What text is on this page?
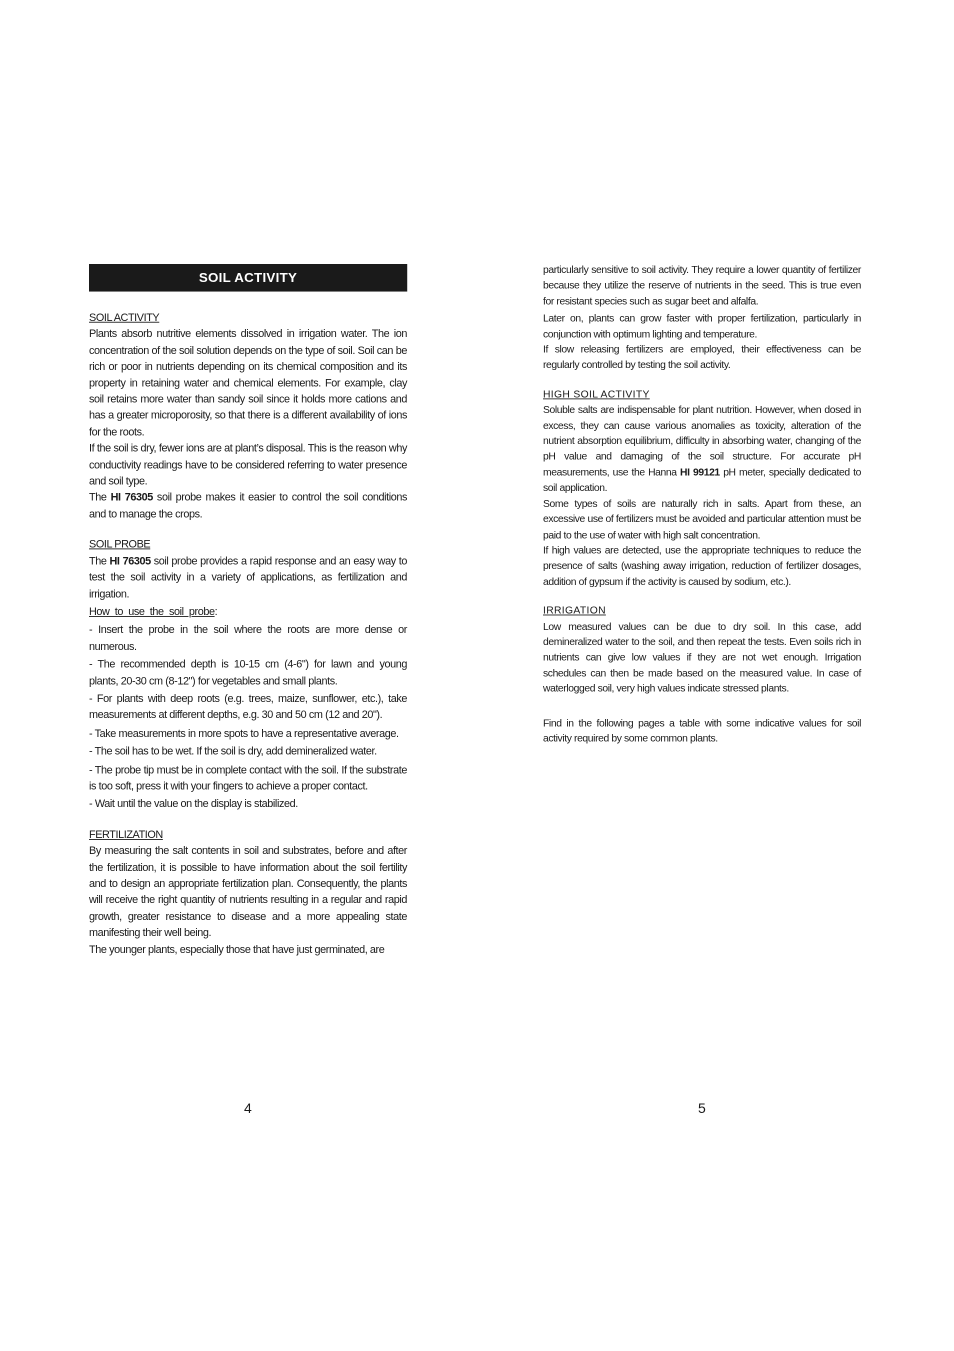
SOIL ACTIVITY
SOIL ACTIVITY

Plants absorb nutritive elements dissolved in irrigation water. The ion concentration of the soil solution depends on the type of soil. Soil can be rich or poor in nutrients depending on its chemical composition and its property in retaining water and chemical elements. For example, clay soil retains more water than sandy soil since it holds more cations and has a greater microporosity, so that there is a different availability of ions for the roots.

If the soil is dry, fewer ions are at plant’s disposal. This is the reason why conductivity readings have to be considered referring to water presence and soil type.

The HI 76305 soil probe makes it easier to control the soil conditions and to manage the crops.

SOIL PROBE

The HI 76305 soil probe provides a rapid response and an easy way to test the soil activity in a variety of applications, as fertilization and irrigation.

How to use the soil probe:

- Insert the probe in the soil where the roots are more dense or numerous.

- The recommended depth is 10-15 cm (4-6") for lawn and young plants, 20-30 cm (8-12") for vegetables and small plants.

- For plants with deep roots (e.g. trees, maize, sunflower, etc.), take measurements at different depths, e.g. 30 and 50 cm (12 and 20").

- Take measurements in more spots to have a representative average.

- The soil has to be wet. If the soil is dry, add demineralized water.

- The probe tip must be in complete contact with the soil. If the substrate is too soft, press it with your fingers to achieve a proper contact.

- Wait until the value on the display is stabilized.

FERTILIZATION

By measuring the salt contents in soil and substrates, before and after the fertilization, it is possible to have information about the soil fertility and to design an appropriate fertilization plan. Consequently, the plants will receive the right quantity of nutrients resulting in a regular and rapid growth, greater resistance to disease and a more appealing state manifesting their well being.

The younger plants, especially those that have just germinated, are

particularly sensitive to soil activity. They require a lower quantity of fertilizer because they utilize the reserve of nutrients in the seed. This is true even for resistant species such as sugar beet and alfalfa.

Later on, plants can grow faster with proper fertilization, particularly in conjunction with optimum lighting and temperature.

If slow releasing fertilizers are employed, their effectiveness can be regularly controlled by testing the soil activity.

HIGH SOIL ACTIVITY

Soluble salts are indispensable for plant nutrition. However, when dosed in excess, they can cause various anomalies as toxicity, alteration of the nutrient absorption equilibrium, difficulty in absorbing water, changing of the pH value and damaging of the soil structure. For accurate pH measurements, use the Hanna HI 99121 pH meter, specially dedicated to soil application.

Some types of soils are naturally rich in salts. Apart from these, an excessive use of fertilizers must be avoided and particular attention must be paid to the use of water with high salt concentration.

If high values are detected, use the appropriate techniques to reduce the presence of salts (washing away irrigation, reduction of fertilizer dosages, addition of gypsum if the activity is caused by sodium, etc.).

IRRIGATION

Low measured values can be due to dry soil. In this case, add demineralized water to the soil, and then repeat the tests. Even soils rich in nutrients can give low values if they are not wet enough. Irrigation schedules can then be made based on the measured value. In case of waterlogged soil, very high values indicate stressed plants.

Find in the following pages a table with some indicative values for soil activity required by some common plants.

4	5
